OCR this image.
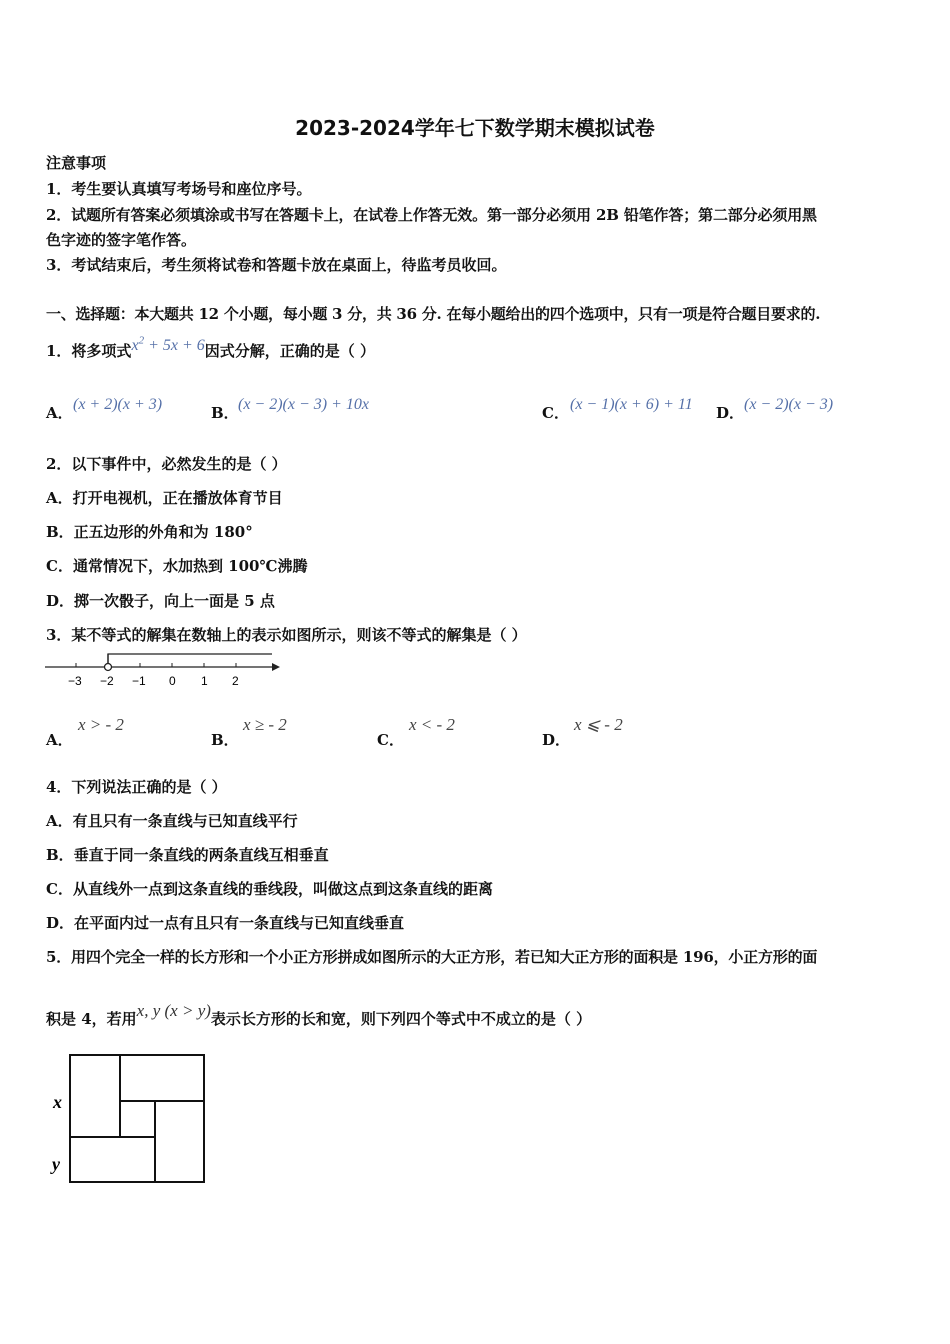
2023-2024学年七下数学期末模拟试卷
注意事项
1．考生要认真填写考场号和座位序号。
2．试题所有答案必须填涂或书写在答题卡上，在试卷上作答无效。第一部分必须用 2B 铅笔作答；第二部分必须用黑
色字迹的签字笔作答。
3．考试结束后，考生须将试卷和答题卡放在桌面上，待监考员收回。
一、选择题：本大题共 12 个小题，每小题 3 分，共 36 分. 在每小题给出的四个选项中，只有一项是符合题目要求的.
1．将多项式$x^2 + 5x + 6$因式分解，正确的是（ ）
A． (x + 2)(x + 3)	B． (x − 2)(x − 3) + 10x	C． (x − 1)(x + 6) + 11 D． (x − 2)(x − 3)
2．以下事件中，必然发生的是（ ）
A．打开电视机，正在播放体育节目
B．正五边形的外角和为 180°
C．通常情况下，水加热到 100℃沸腾
D．掷一次骰子，向上一面是 5 点
3．某不等式的解集在数轴上的表示如图所示，则该不等式的解集是（ ）
−3 −2 −1 0 1 2
A．
x > - 2
B．
x ≥ - 2
C．
x < - 2
D．
x ⩽ - 2
4．下列说法正确的是（ ）
A．有且只有一条直线与已知直线平行
B．垂直于同一条直线的两条直线互相垂直
C．从直线外一点到这条直线的垂线段，叫做这点到这条直线的距离
D．在平面内过一点有且只有一条直线与已知直线垂直
5．用四个完全一样的长方形和一个小正方形拼成如图所示的大正方形，若已知大正方形的面积是 196，小正方形的面
积是 4，若用x, y (x > y)表示长方形的长和宽，则下列四个等式中不成立的是（ ）
x
y
